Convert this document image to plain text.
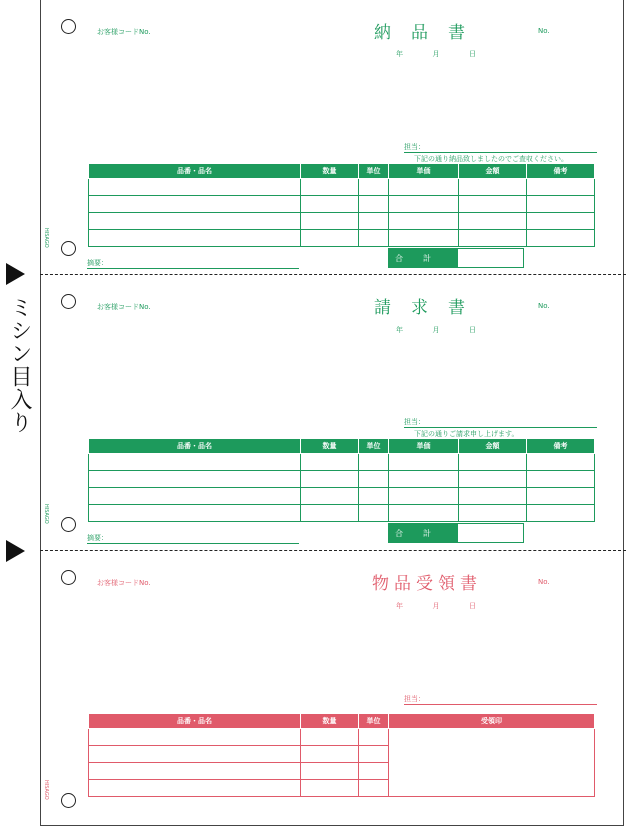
ミシン目入り
お客様コードNo.	納品書	No.
年	月	日
担当：
下記の通り納品致しましたのでご査収ください。
品番・品名	数量	単位	単価	金額	備考

合計
摘要：
HISAGO
お客様コードNo.	請求書	No.
年	月	日
担当：
下記の通りご請求申し上げます。
品番・品名	数量	単位	単価	金額	備考

合計
摘要：
HISAGO
お客様コードNo.	物品受領書	No.
年	月	日
担当：
品番・品名	数量	単位	受領印

HISAGO
